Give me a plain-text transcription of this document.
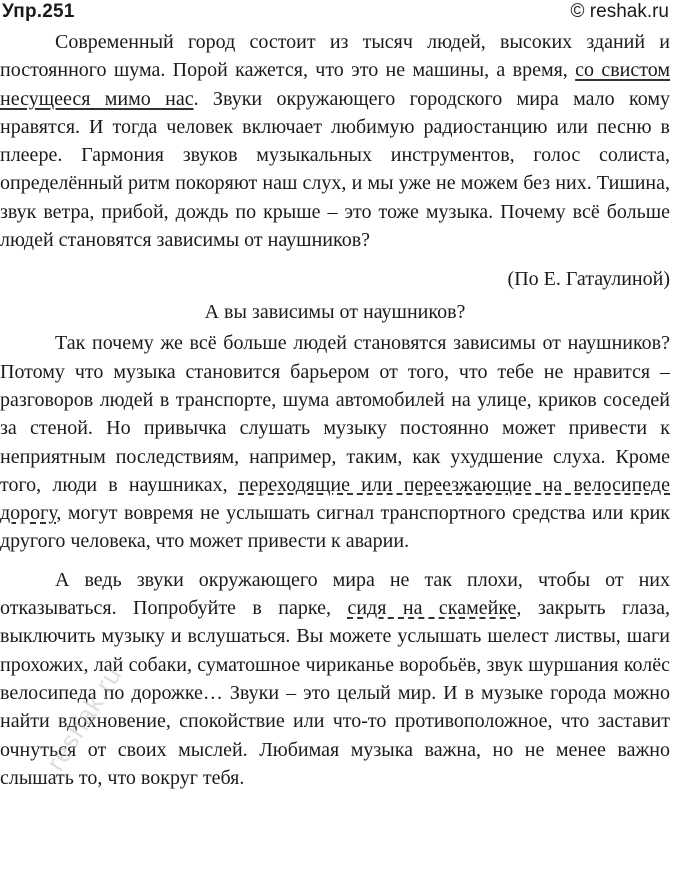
Упр.251	© reshak.ru

Современный город состоит из тысяч людей, высоких зданий и постоянного шума. Порой кажется, что это не машины, а время, со свистом несущееся мимо нас. Звуки окружающего городского мира мало кому нравятся. И тогда человек включает любимую радиостанцию или песню в плеере. Гармония звуков музыкальных инструментов, голос солиста, определённый ритм покоряют наш слух, и мы уже не можем без них. Тишина, звук ветра, прибой, дождь по крыше – это тоже музыка. Почему всё больше людей становятся зависимы от наушников?

(По Е. Гатаулиной)
А вы зависимы от наушников?

Так почему же всё больше людей становятся зависимы от наушников? Потому что музыка становится барьером от того, что тебе не нравится – разговоров людей в транспорте, шума автомобилей на улице, криков соседей за стеной. Но привычка слушать музыку постоянно может привести к неприятным последствиям, например, таким, как ухудшение слуха. Кроме того, люди в наушниках, переходящие или переезжающие на велосипеде дорогу, могут вовремя не услышать сигнал транспортного средства или крик другого человека, что может привести к аварии.

А ведь звуки окружающего мира не так плохи, чтобы от них отказываться. Попробуйте в парке, сидя на скамейке, закрыть глаза, выключить музыку и вслушаться. Вы можете услышать шелест листвы, шаги прохожих, лай собаки, суматошное чириканье воробьёв, звук шуршания колёс велосипеда по дорожке… Звуки – это целый мир. И в музыке города можно найти вдохновение, спокойствие или что-то противоположное, что заставит очнуться от своих мыслей. Любимая музыка важна, но не менее важно слышать то, что вокруг тебя.

reshak.ru
